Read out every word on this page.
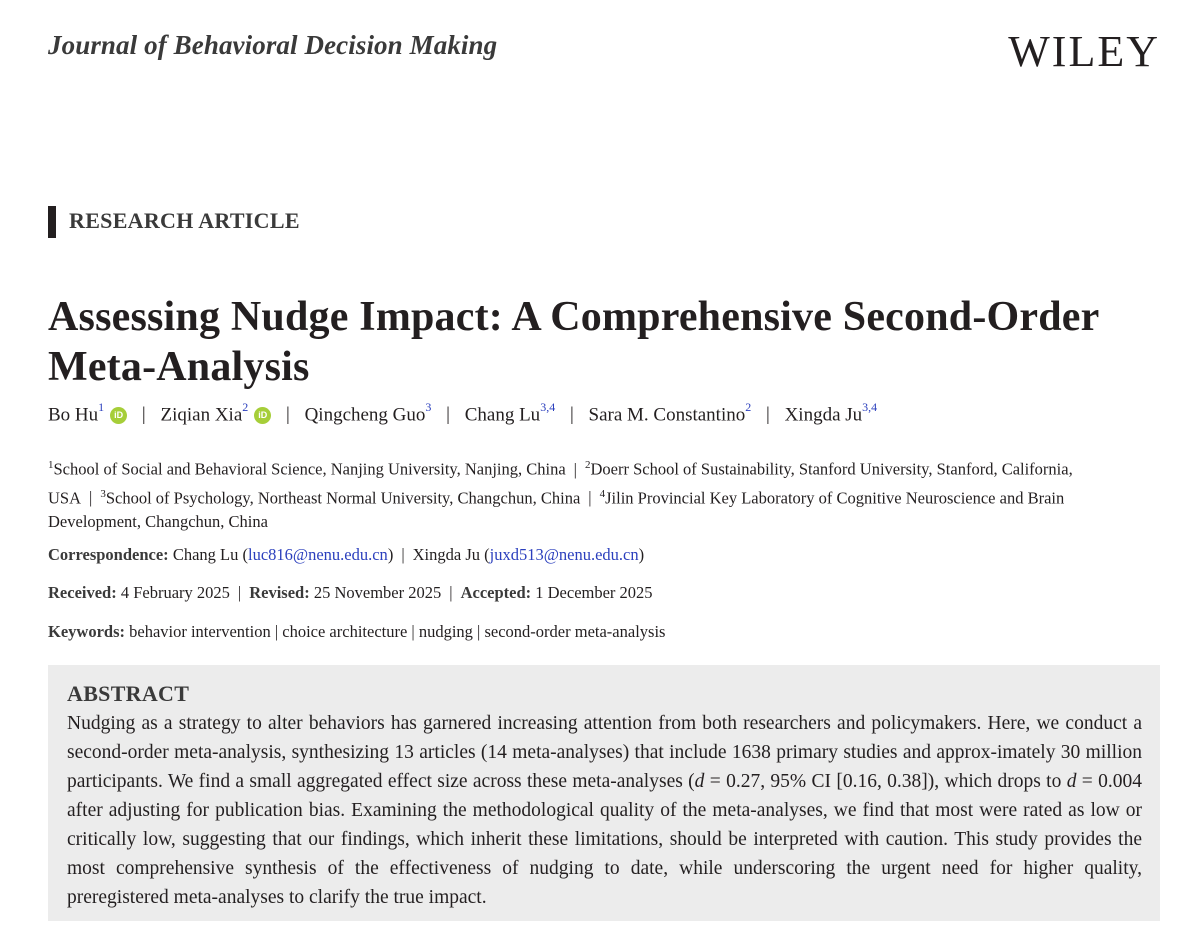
Journal of Behavioral Decision Making	WILEY
RESEARCH ARTICLE
Assessing Nudge Impact: A Comprehensive Second-Order Meta-Analysis
Bo Hu$^1$iD | Ziqian Xia$^2$iD | Qingcheng Guo$^3$ | Chang Lu$^{3,4}$ | Sara M. Constantino$^2$ | Xingda Ju$^{3,4}$
$^1$School of Social and Behavioral Science, Nanjing University, Nanjing, China | $^2$Doerr School of Sustainability, Stanford University, Stanford, California, USA | $^3$School of Psychology, Northeast Normal University, Changchun, China | $^4$Jilin Provincial Key Laboratory of Cognitive Neuroscience and Brain Development, Changchun, China
Correspondence: Chang Lu (luc816@nenu.edu.cn) | Xingda Ju (juxd513@nenu.edu.cn)
Received: 4 February 2025 | Revised: 25 November 2025 | Accepted: 1 December 2025
Keywords: behavior intervention | choice architecture | nudging | second-order meta-analysis
ABSTRACT
Nudging as a strategy to alter behaviors has garnered increasing attention from both researchers and policymakers. Here, we conduct a second-order meta-analysis, synthesizing 13 articles (14 meta-analyses) that include 1638 primary studies and approx-imately 30 million participants. We find a small aggregated effect size across these meta-analyses (d = 0.27, 95% CI [0.16, 0.38]), which drops to d = 0.004 after adjusting for publication bias. Examining the methodological quality of the meta-analyses, we find that most were rated as low or critically low, suggesting that our findings, which inherit these limitations, should be interpreted with caution. This study provides the most comprehensive synthesis of the effectiveness of nudging to date, while underscoring the urgent need for higher quality, preregistered meta-analyses to clarify the true impact.
